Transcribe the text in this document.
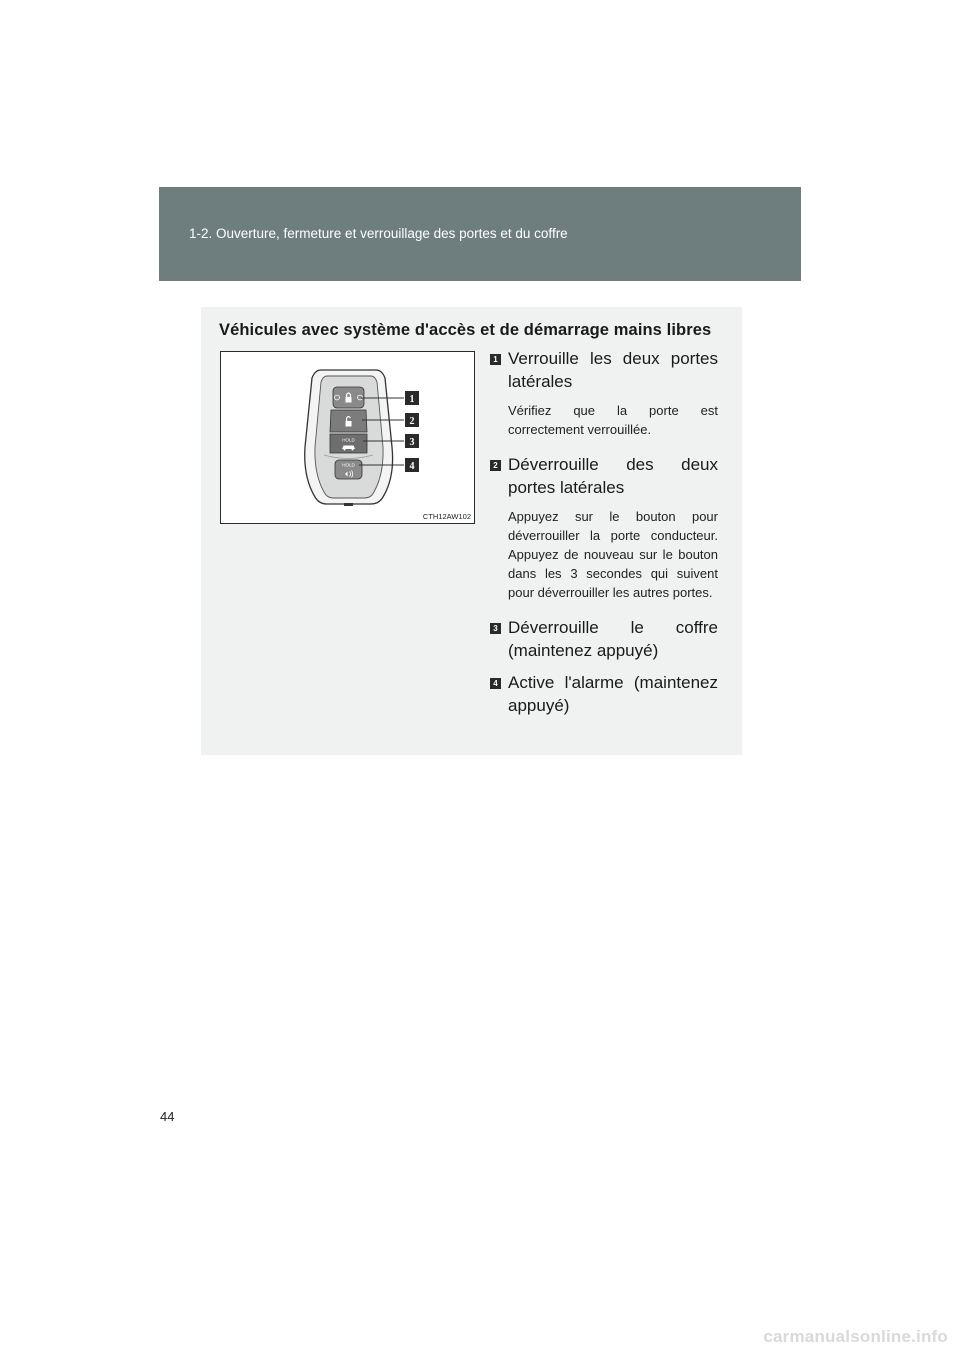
1-2. Ouverture, fermeture et verrouillage des portes et du coffre
Véhicules avec système d'accès et de démarrage mains libres
HOLD
HOLD
1
2
3
4
CTH12AW102
1 Verrouille les deux portes latérales

Vérifiez que la porte est correctement verrouillée.

2 Déverrouille des deux portes latérales

Appuyez sur le bouton pour déverrouiller la porte conducteur. Appuyez de nouveau sur le bouton dans les 3 secondes qui suivent pour déverrouiller les autres portes.

3 Déverrouille le coffre (maintenez appuyé)

4 Active l'alarme (maintenez appuyé)

44
carmanualsonline.info
